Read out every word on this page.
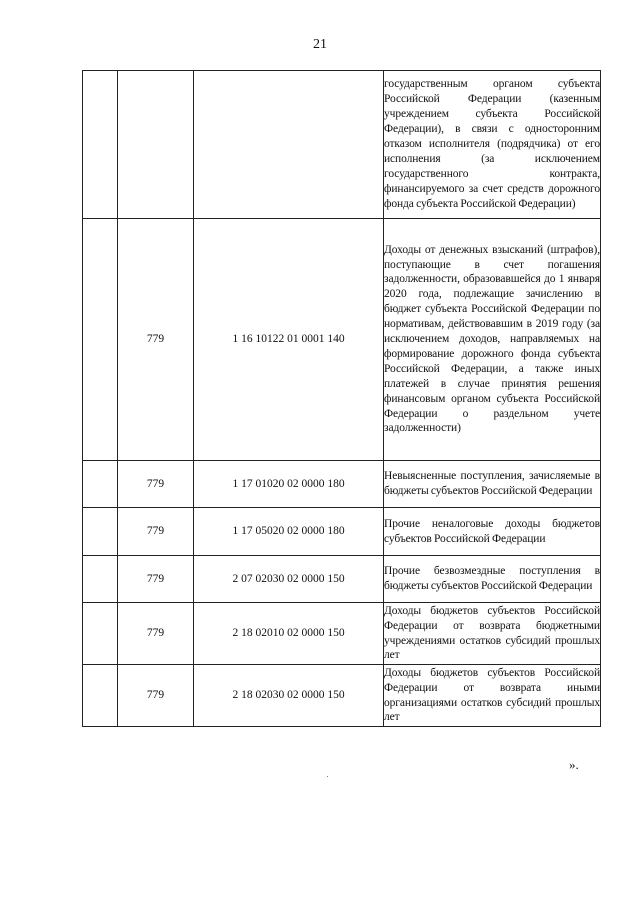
21
			государственным органом субъекта Российской Федерации (казенным учреждением субъекта Российской Федерации), в связи с односторонним отказом исполнителя (подрядчика) от его исполнения (за исключением государственного контракта, финансируемого за счет средств дорожного фонда субъекта Российской Федерации)
	779	1 16 10122 01 0001 140	Доходы от денежных взысканий (штрафов), поступающие в счет погашения задолженности, образовавшейся до 1 января 2020 года, подлежащие зачислению в бюджет субъекта Российской Федерации по нормативам, действовавшим в 2019 году (за исключением доходов, направляемых на формирование дорожного фонда субъекта Российской Федерации, а также иных платежей в случае принятия решения финансовым органом субъекта Российской Федерации о раздельном учете задолженности)
	779	1 17 01020 02 0000 180	Невыясненные поступления, зачисляемые в бюджеты субъектов Российской Федерации
	779	1 17 05020 02 0000 180	Прочие неналоговые доходы бюджетов субъектов Российской Федерации
	779	2 07 02030 02 0000 150	Прочие безвозмездные поступления в бюджеты субъектов Российской Федерации
	779	2 18 02010 02 0000 150	Доходы бюджетов субъектов Российской Федерации от возврата бюджетными учреждениями остатков субсидий прошлых лет
	779	2 18 02030 02 0000 150	Доходы бюджетов субъектов Российской Федерации от возврата иными организациями остатков субсидий прошлых лет
».
